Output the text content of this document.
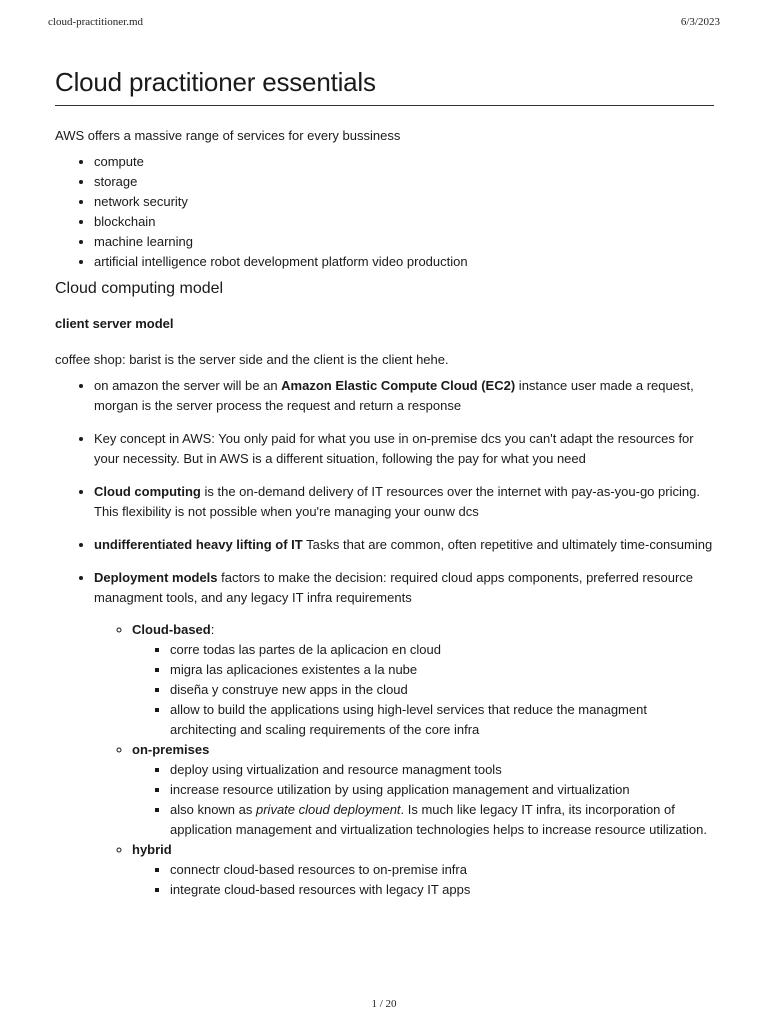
cloud-practitioner.md	6/3/2023
Cloud practitioner essentials

AWS offers a massive range of services for every bussiness

• compute
• storage
• network security
• blockchain
• machine learning
• artificial intelligence robot development platform video production
Cloud computing model
client server model

coffee shop: barist is the server side and the client is the client hehe.

• on amazon the server will be an Amazon Elastic Compute Cloud (EC2) instance user made a request, morgan is the server process the request and return a response
• Key concept in AWS: You only paid for what you use in on-premise dcs you can't adapt the resources for your necessity. But in AWS is a different situation, following the pay for what you need
• Cloud computing is the on-demand delivery of IT resources over the internet with pay-as-you-go pricing. This flexibility is not possible when you're managing your ounw dcs
• undifferentiated heavy lifting of IT Tasks that are common, often repetitive and ultimately time-consuming
• Deployment models factors to make the decision: required cloud apps components, preferred resource managment tools, and any legacy IT infra requirements
◦ Cloud-based:
▪ corre todas las partes de la aplicacion en cloud
▪ migra las aplicaciones existentes a la nube
▪ diseña y construye new apps in the cloud
▪ allow to build the applications using high-level services that reduce the managment architecting and scaling requirements of the core infra
◦ on-premises
▪ deploy using virtualization and resource managment tools
▪ increase resource utilization by using application management and virtualization
▪ also known as private cloud deployment. Is much like legacy IT infra, its incorporation of application management and virtualization technologies helps to increase resource utilization.
◦ hybrid
▪ connectr cloud-based resources to on-premise infra
▪ integrate cloud-based resources with legacy IT apps
1 / 20
